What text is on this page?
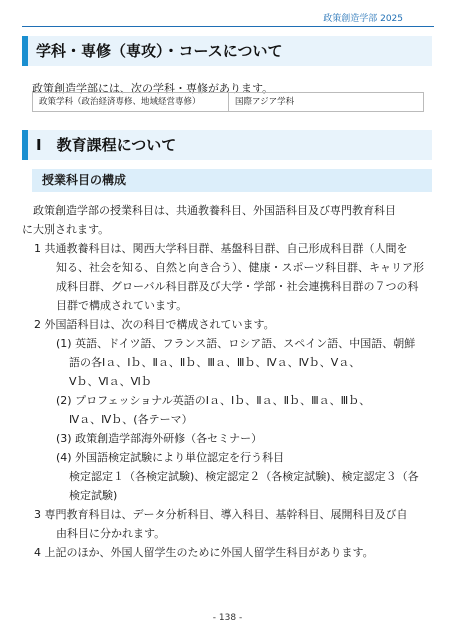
政策創造学部 2025
学科・専修（専攻）・コースについて
政策創造学部には、次の学科・専修があります。
政策学科（政治経済専修、地域経営専修）	国際アジア学科
Ⅰ　教育課程について
授業科目の構成
　政策創造学部の授業科目は、共通教養科目、外国語科目及び専門教育科目
に大別されます。
1 共通教養科目は、関西大学科目群、基盤科目群、自己形成科目群（人間を
知る、社会を知る、自然と向き合う）、健康・スポーツ科目群、キャリア形
成科目群、グローバル科目群及び大学・学部・社会連携科目群の７つの科
目群で構成されています。
2 外国語科目は、次の科目で構成されています。
(1) 英語、ドイツ語、フランス語、ロシア語、スペイン語、中国語、朝鮮
語の各Ⅰａ、Ⅰｂ、Ⅱａ、Ⅱｂ、Ⅲａ、Ⅲｂ、Ⅳａ、Ⅳｂ、Ⅴａ、
Ⅴｂ、Ⅵａ、Ⅵｂ
(2) プロフェッショナル英語のⅠａ、Ⅰｂ、Ⅱａ、Ⅱｂ、Ⅲａ、Ⅲｂ、
Ⅳａ、Ⅳｂ、(各テーマ）
(3) 政策創造学部海外研修（各セミナー）
(4) 外国語検定試験により単位認定を行う科目
検定認定１（各検定試験)、検定認定２（各検定試験)、検定認定３（各
検定試験)
3 専門教育科目は、データ分析科目、導入科目、基幹科目、展開科目及び自
由科目に分かれます。
4 上記のほか、外国人留学生のために外国人留学生科目があります。
- 138 -
